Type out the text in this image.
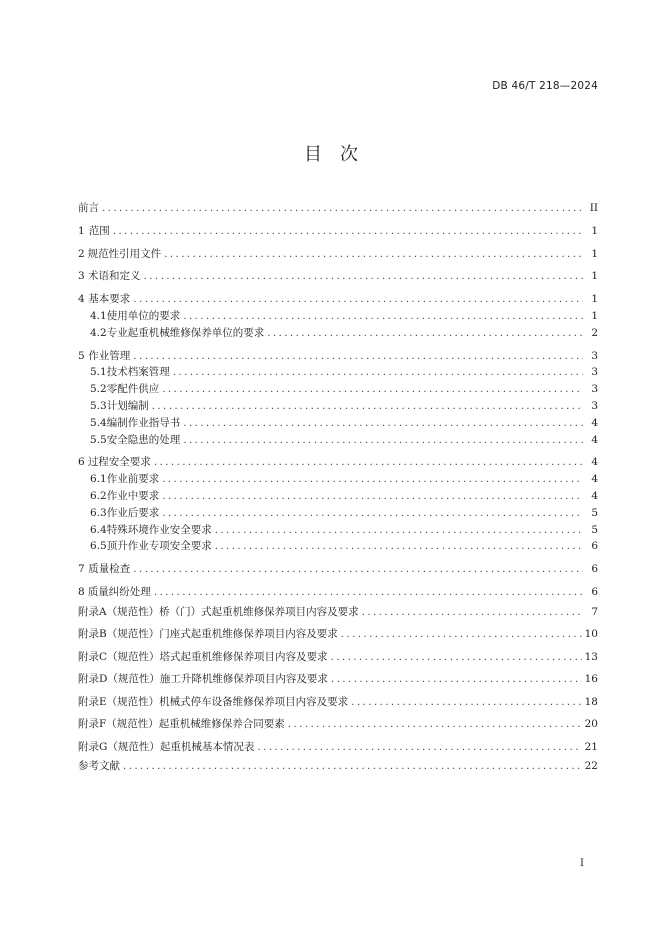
DB 46/T 218—2024
目　次
前言 . . .	II
1 范围 . . .	1
2 规范性引用文件 . . .	1
3 术语和定义 . . .	1
4 基本要求 . . .	1
4.1 使用单位的要求 . . .	1
4.2 专业起重机械维修保养单位的要求 . . .	2
5 作业管理 . . .	3
5.1 技术档案管理 . . .	3
5.2 零配件供应 . . .	3
5.3 计划编制 . . .	3
5.4 编制作业指导书 . . .	4
5.5 安全隐患的处理 . . .	4
6 过程安全要求 . . .	4
6.1 作业前要求 . . .	4
6.2 作业中要求 . . .	4
6.3 作业后要求 . . .	5
6.4 特殊环境作业安全要求 . . .	5
6.5 顶升作业专项安全要求 . . .	6
7 质量检查 . . .	6
8 质量纠纷处理 . . .	6
附录A（规范性） 桥（门）式起重机维修保养项目内容及要求 . . .	7
附录B（规范性） 门座式起重机维修保养项目内容及要求 . . .	10
附录C（规范性） 塔式起重机维修保养项目内容及要求 . . .	13
附录D（规范性） 施工升降机维修保养项目内容及要求 . . .	16
附录E（规范性） 机械式停车设备维修保养项目内容及要求 . . .	18
附录F（规范性） 起重机械维修保养合同要素 . . .	20
附录G（规范性） 起重机械基本情况表 . . .	21
参考文献 . . .	22
I
